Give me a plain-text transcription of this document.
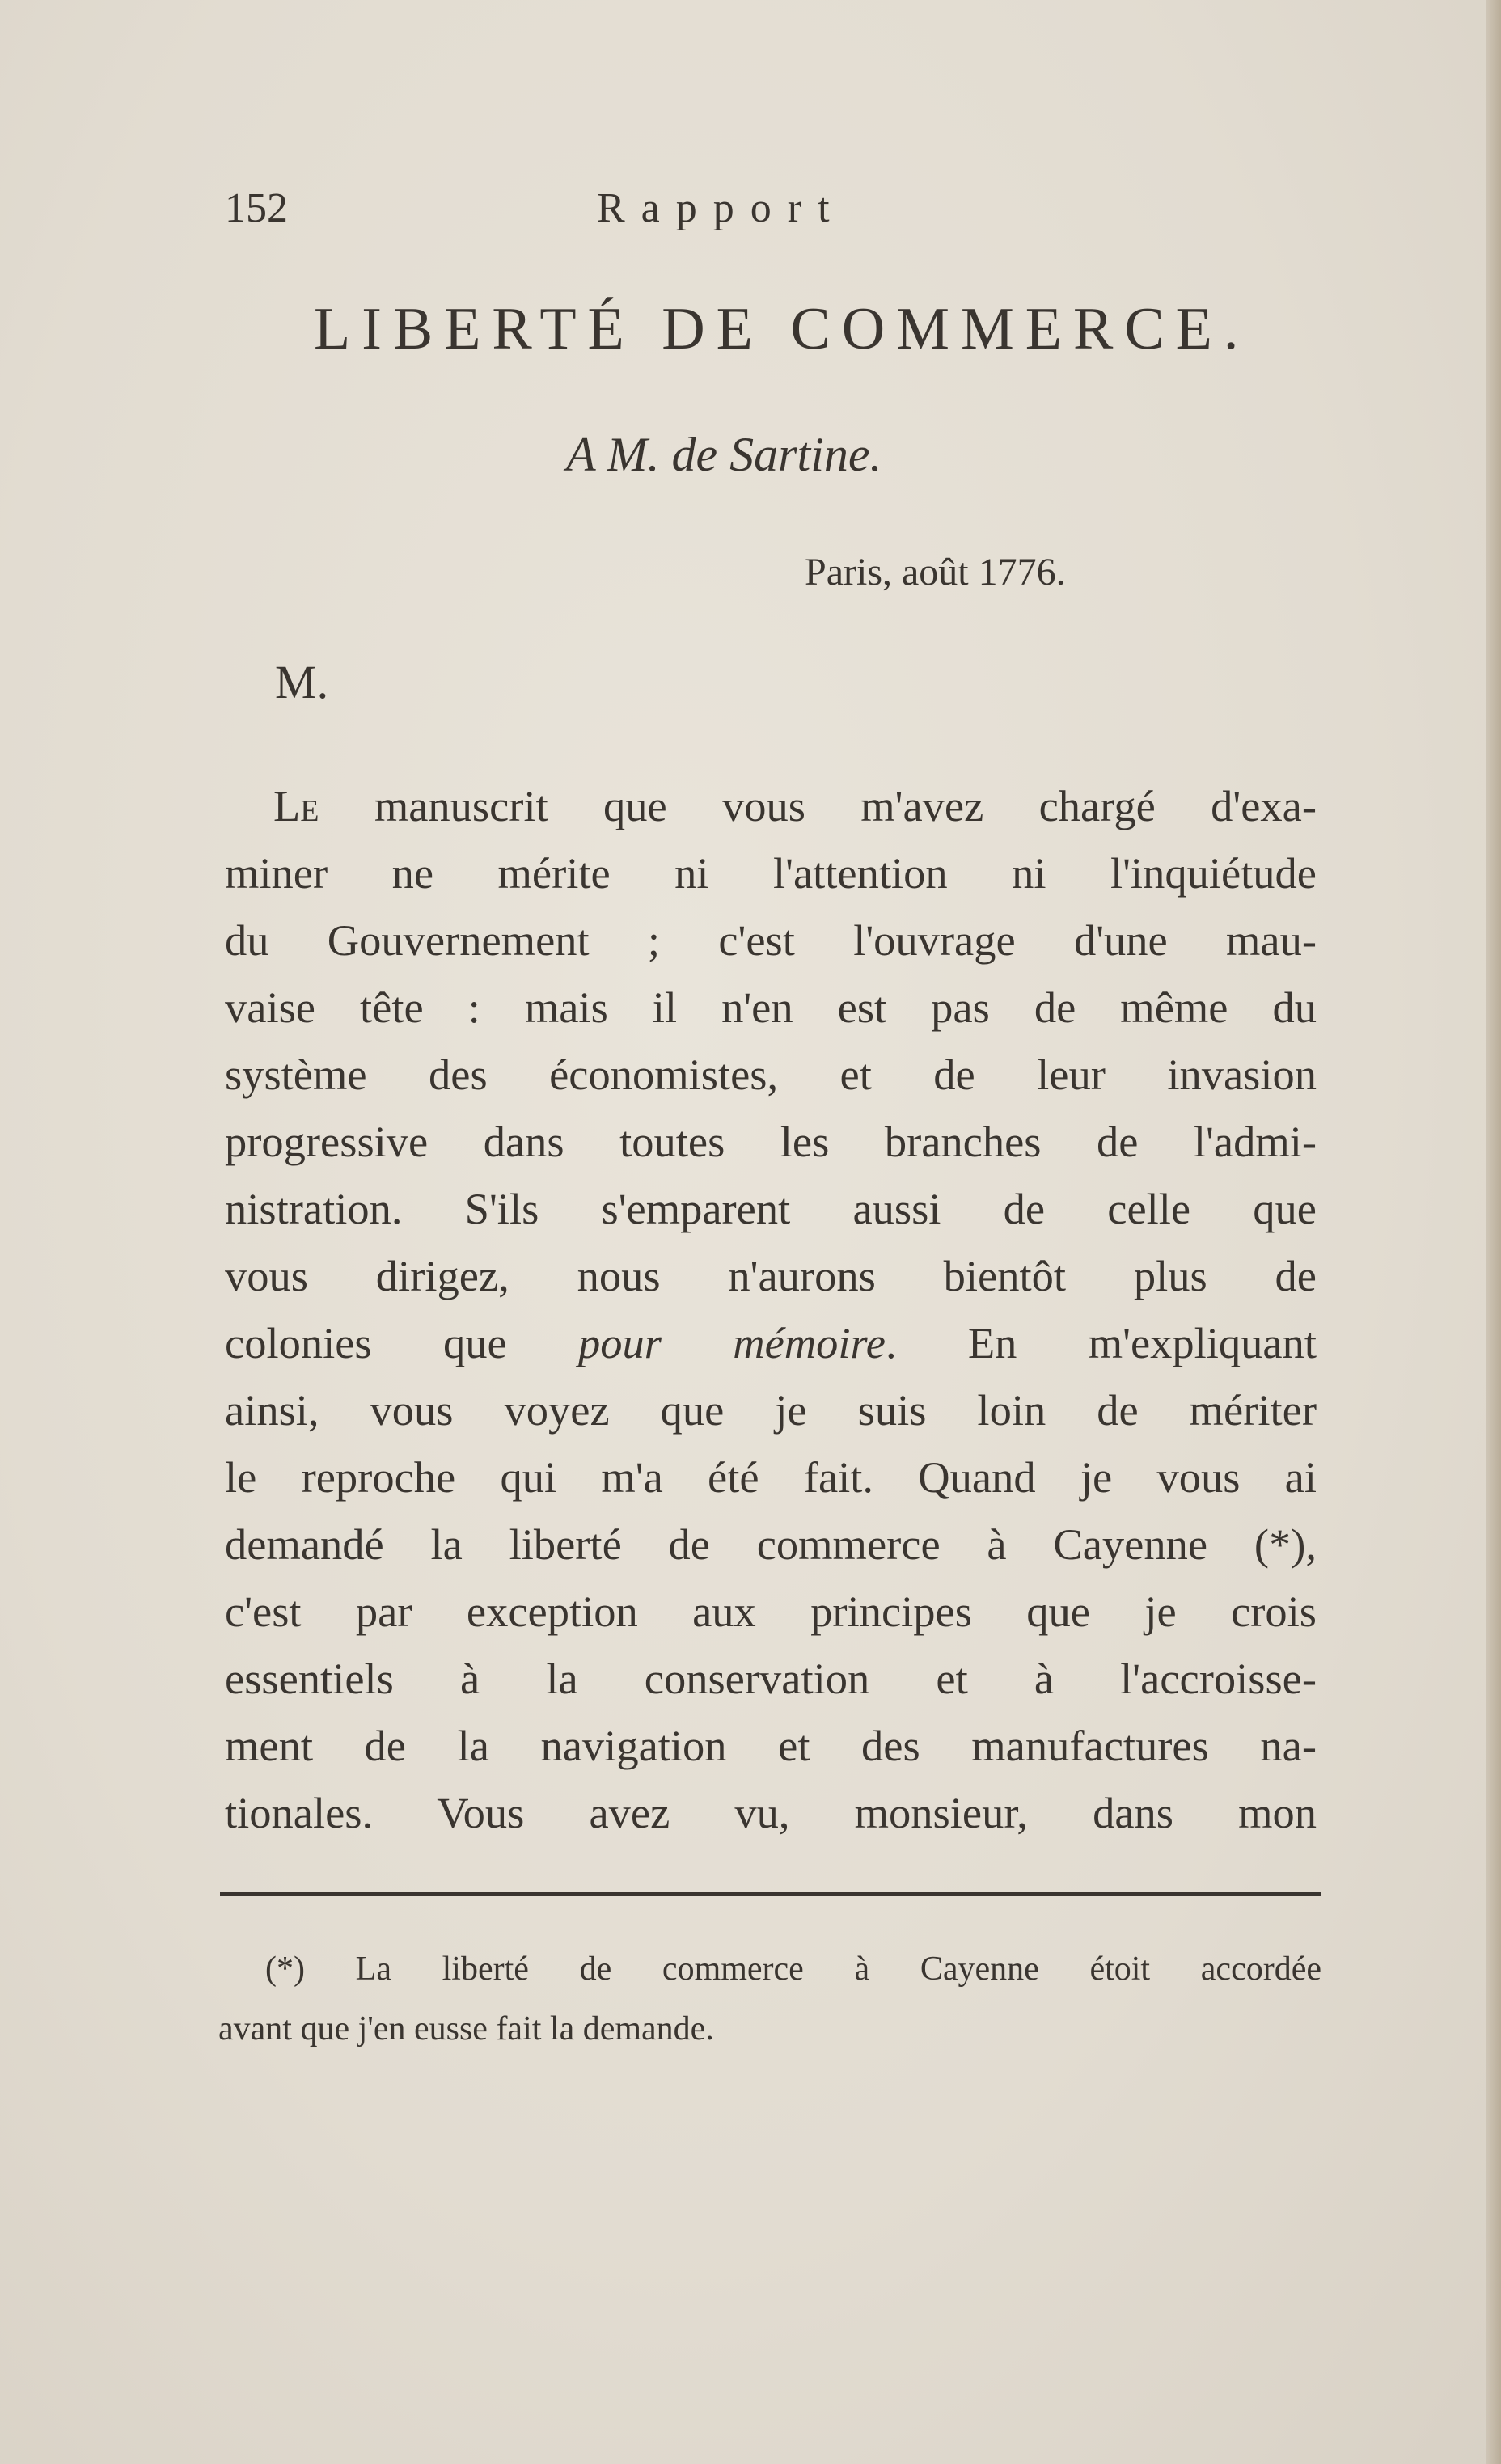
152	Rapport
LIBERTÉ DE COMMERCE.
A M. de Sartine.
Paris, août 1776.
M.
Le manuscrit que vous m'avez chargé d'exa-
miner ne mérite ni l'attention ni l'inquiétude
du Gouvernement ; c'est l'ouvrage d'une mau-
vaise tête : mais il n'en est pas de même du
système des économistes, et de leur invasion
progressive dans toutes les branches de l'admi-
nistration. S'ils s'emparent aussi de celle que
vous dirigez, nous n'aurons bientôt plus de
colonies que pour mémoire. En m'expliquant
ainsi, vous voyez que je suis loin de mériter
le reproche qui m'a été fait. Quand je vous ai
demandé la liberté de commerce à Cayenne (*),
c'est par exception aux principes que je crois
essentiels à la conservation et à l'accroisse-
ment de la navigation et des manufactures na-
tionales. Vous avez vu, monsieur, dans mon
(*) La liberté de commerce à Cayenne étoit accordée
avant que j'en eusse fait la demande.
